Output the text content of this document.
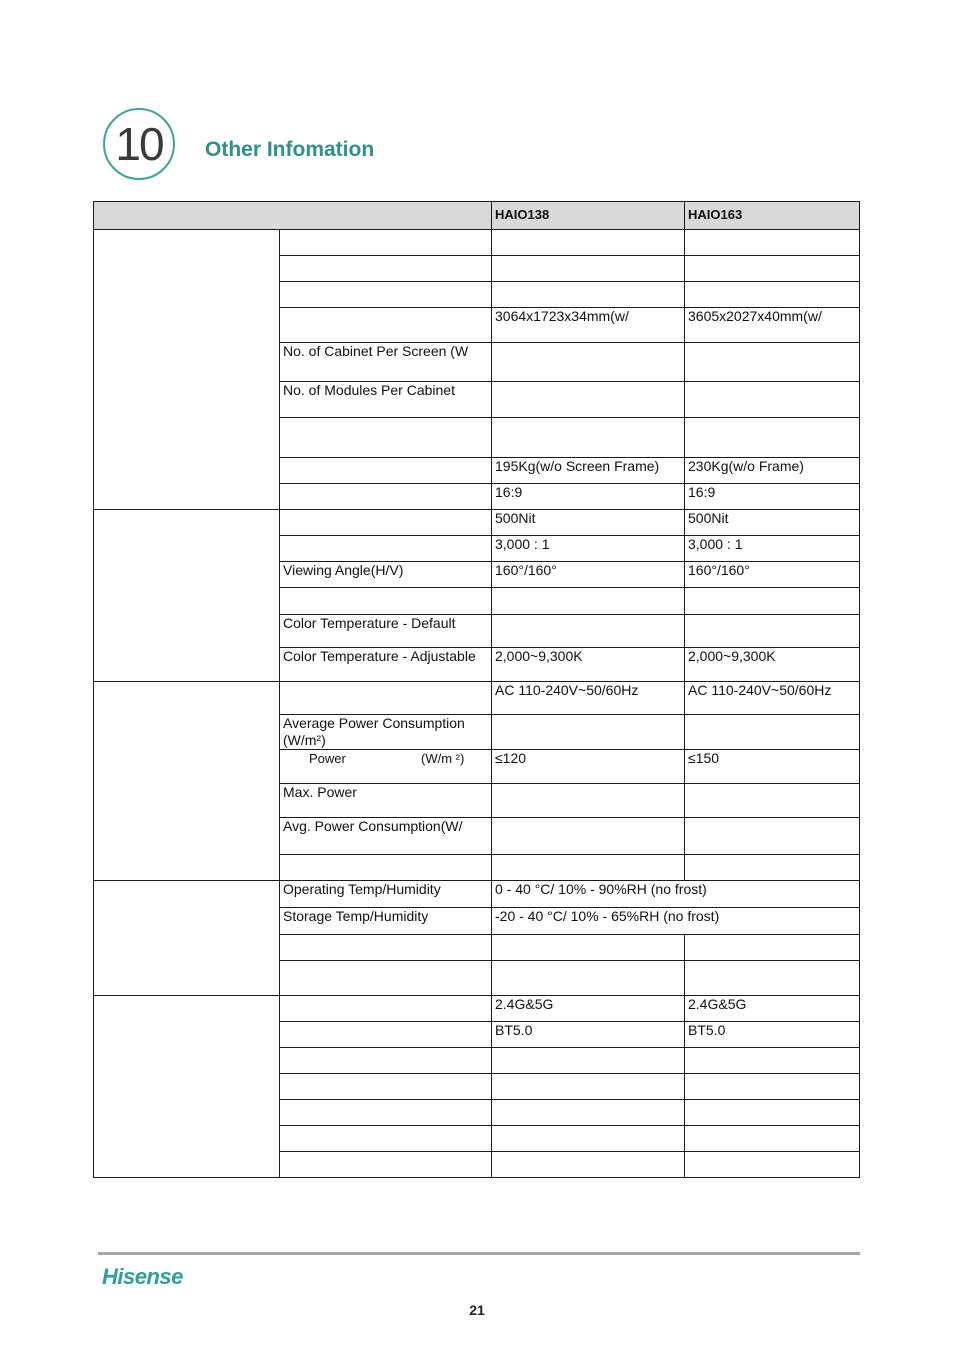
10 Other Infomation
		HAIO138	HAIO163

		3064x1723x34mm(w/	3605x2027x40mm(w/
	No. of Cabinet Per Screen (W		
	No. of Modules Per Cabinet		

		195Kg(w/o Screen Frame)	230Kg(w/o Frame)
		16:9	16:9
		500Nit	500Nit
		3,000 : 1	3,000 : 1
	Viewing Angle(H/V)	160°/160°	160°/160°

	Color Temperature - Default		
	Color Temperature - Adjustable	2,000~9,300K	2,000~9,300K
		AC 110-240V~50/60Hz	AC 110-240V~50/60Hz
	Average Power Consumption (W/m²)		
	Power (W/m ²)	≤120	≤150
	Max. Power		
	Avg. Power Consumption(W/		

	Operating Temp/Humidity	0 - 40 °C/ 10% - 90%RH (no frost)	
	Storage Temp/Humidity	-20 - 40 °C/ 10% - 65%RH (no frost)	

		2.4G&5G	2.4G&5G
		BT5.0	BT5.0

Hisense
21
